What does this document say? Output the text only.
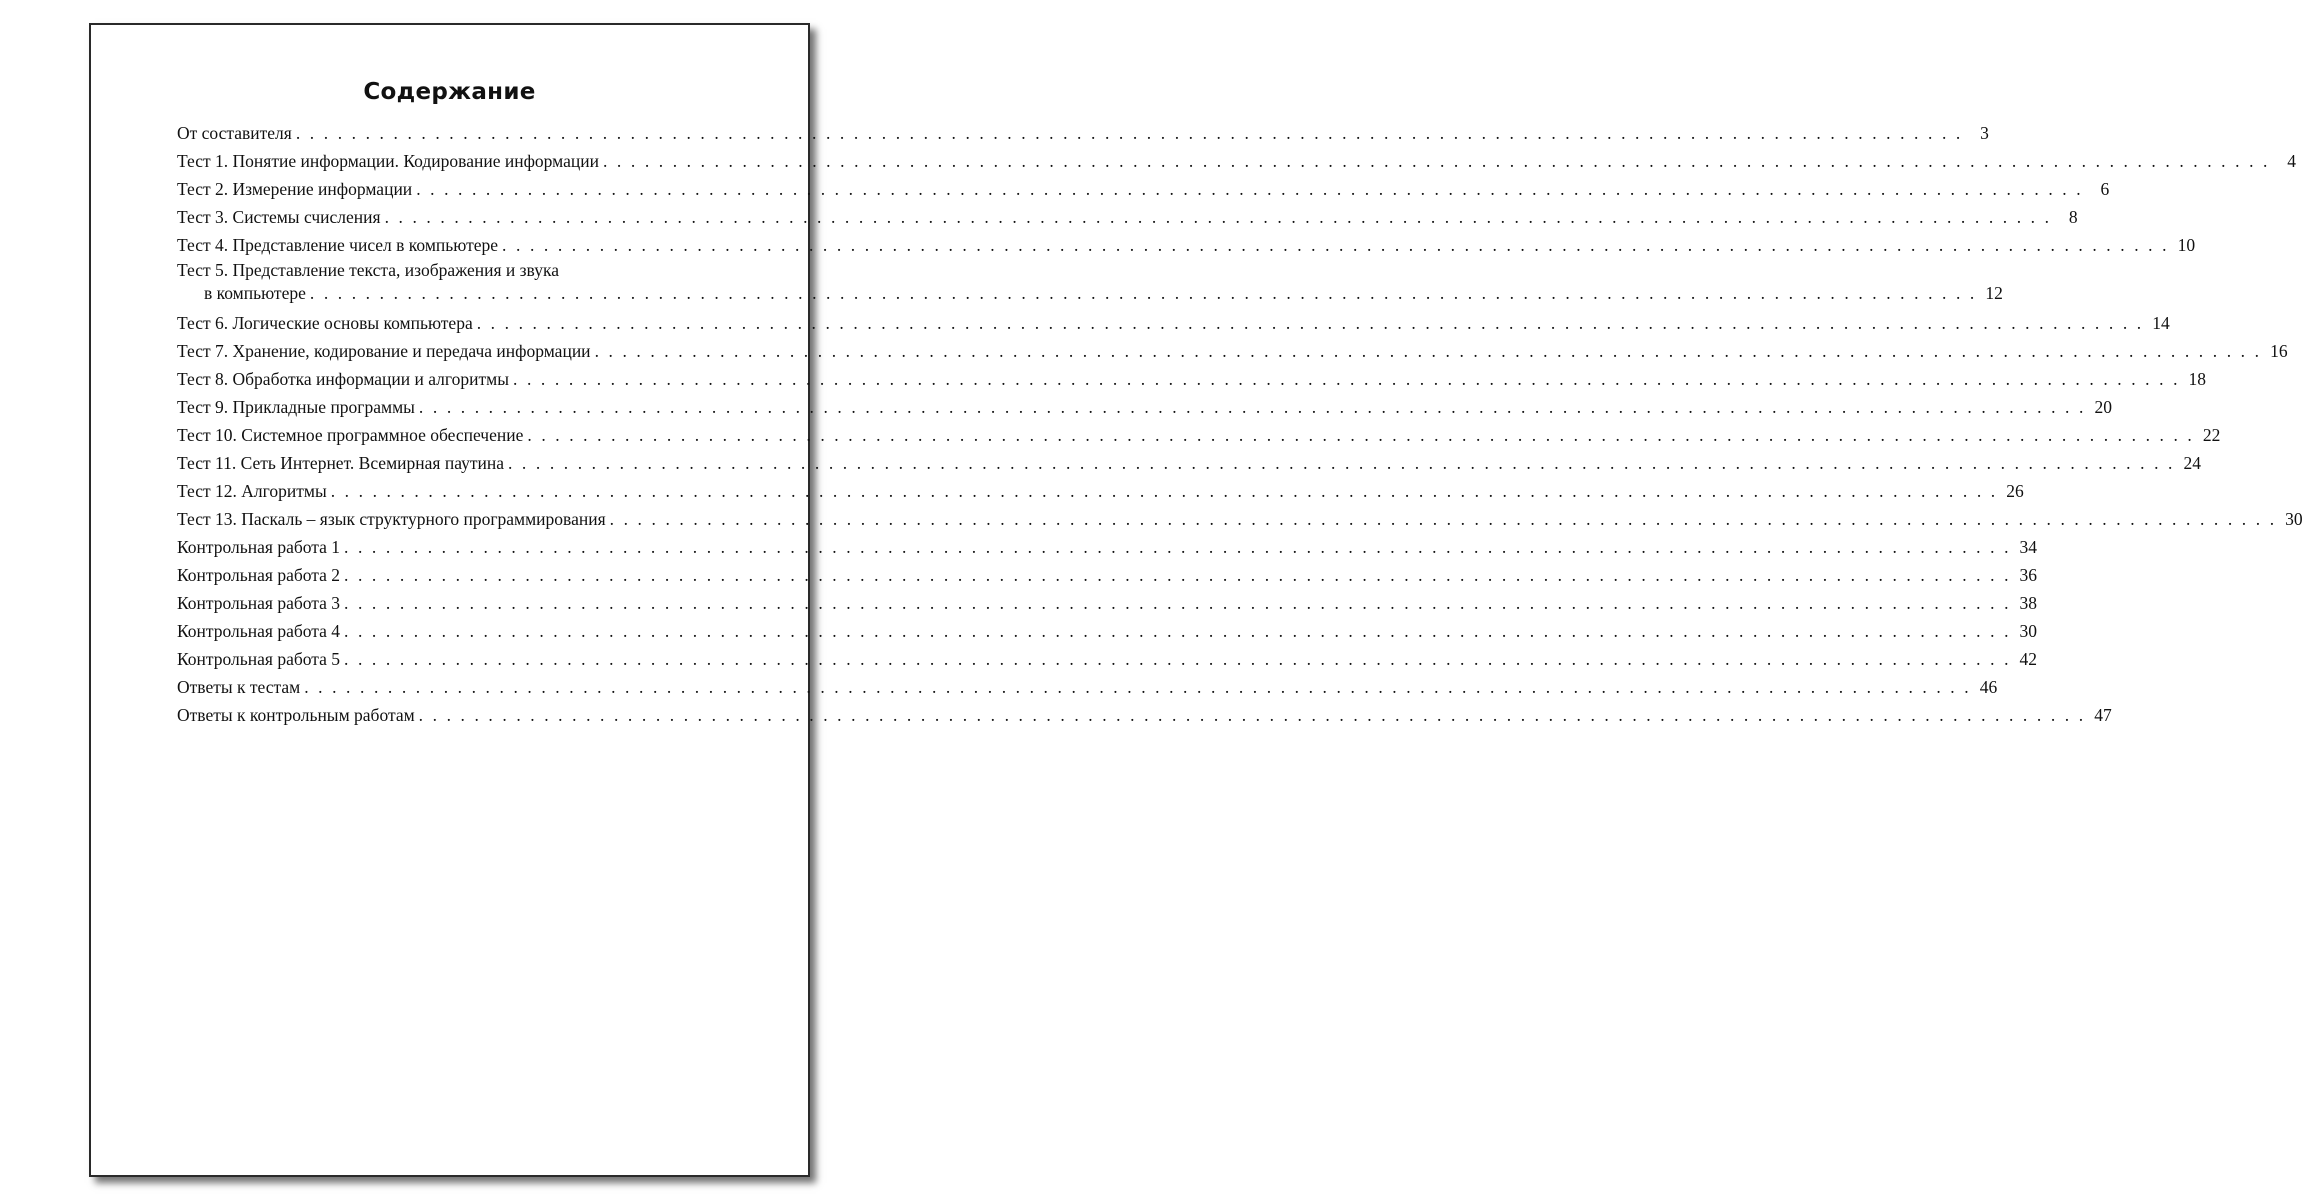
Содержание
От составителя . . . . . . . . . . . . . . . . . . . . . . . . . . . . . . . . . . . . . . . . . . . . . . . . . . . . . . . . . . . . . . . . . . . . . . . . . . . . . . . . . . . . . . . . . . . . . . . . . . . . . . . . . . . . . . . . . . . . . . . . 3
Тест 1. Понятие информации. Кодирование информации . . . . . . . . . . . . . . . . . . . . . . . . . . . . . . . . . . . . . . . . . . . . . . . . . . . . . . . . . . . . . . . . . . . . . . . . . . . . . . . . . . . . . . . . . . . . . . . . . . . . . . . . . . . . . . . . . . . . . . . . 4
Тест 2. Измерение информации . . . . . . . . . . . . . . . . . . . . . . . . . . . . . . . . . . . . . . . . . . . . . . . . . . . . . . . . . . . . . . . . . . . . . . . . . . . . . . . . . . . . . . . . . . . . . . . . . . . . . . . . . . . . . . . . . . . . . . . . 6
Тест 3. Системы счисления . . . . . . . . . . . . . . . . . . . . . . . . . . . . . . . . . . . . . . . . . . . . . . . . . . . . . . . . . . . . . . . . . . . . . . . . . . . . . . . . . . . . . . . . . . . . . . . . . . . . . . . . . . . . . . . . . . . . . . . . 8
Тест 4. Представление чисел в компьютере . . . . . . . . . . . . . . . . . . . . . . . . . . . . . . . . . . . . . . . . . . . . . . . . . . . . . . . . . . . . . . . . . . . . . . . . . . . . . . . . . . . . . . . . . . . . . . . . . . . . . . . . . . . . . . . . . . . . . . . . 10
Тест 5. Представление текста, изображения и звука
в компьютере . . . . . . . . . . . . . . . . . . . . . . . . . . . . . . . . . . . . . . . . . . . . . . . . . . . . . . . . . . . . . . . . . . . . . . . . . . . . . . . . . . . . . . . . . . . . . . . . . . . . . . . . . . . . . . . . . . . . . . . . 12
Тест 6. Логические основы компьютера . . . . . . . . . . . . . . . . . . . . . . . . . . . . . . . . . . . . . . . . . . . . . . . . . . . . . . . . . . . . . . . . . . . . . . . . . . . . . . . . . . . . . . . . . . . . . . . . . . . . . . . . . . . . . . . . . . . . . . . . 14
Тест 7. Хранение, кодирование и передача информации . . . . . . . . . . . . . . . . . . . . . . . . . . . . . . . . . . . . . . . . . . . . . . . . . . . . . . . . . . . . . . . . . . . . . . . . . . . . . . . . . . . . . . . . . . . . . . . . . . . . . . . . . . . . . . . . . . . . . . . . 16
Тест 8. Обработка информации и алгоритмы . . . . . . . . . . . . . . . . . . . . . . . . . . . . . . . . . . . . . . . . . . . . . . . . . . . . . . . . . . . . . . . . . . . . . . . . . . . . . . . . . . . . . . . . . . . . . . . . . . . . . . . . . . . . . . . . . . . . . . . . 18
Тест 9. Прикладные программы . . . . . . . . . . . . . . . . . . . . . . . . . . . . . . . . . . . . . . . . . . . . . . . . . . . . . . . . . . . . . . . . . . . . . . . . . . . . . . . . . . . . . . . . . . . . . . . . . . . . . . . . . . . . . . . . . . . . . . . . 20
Тест 10. Системное программное обеспечение . . . . . . . . . . . . . . . . . . . . . . . . . . . . . . . . . . . . . . . . . . . . . . . . . . . . . . . . . . . . . . . . . . . . . . . . . . . . . . . . . . . . . . . . . . . . . . . . . . . . . . . . . . . . . . . . . . . . . . . . 22
Тест 11. Сеть Интернет. Всемирная паутина . . . . . . . . . . . . . . . . . . . . . . . . . . . . . . . . . . . . . . . . . . . . . . . . . . . . . . . . . . . . . . . . . . . . . . . . . . . . . . . . . . . . . . . . . . . . . . . . . . . . . . . . . . . . . . . . . . . . . . . . 24
Тест 12. Алгоритмы . . . . . . . . . . . . . . . . . . . . . . . . . . . . . . . . . . . . . . . . . . . . . . . . . . . . . . . . . . . . . . . . . . . . . . . . . . . . . . . . . . . . . . . . . . . . . . . . . . . . . . . . . . . . . . . . . . . . . . . . 26
Тест 13. Паскаль – язык структурного программирования . . . . . . . . . . . . . . . . . . . . . . . . . . . . . . . . . . . . . . . . . . . . . . . . . . . . . . . . . . . . . . . . . . . . . . . . . . . . . . . . . . . . . . . . . . . . . . . . . . . . . . . . . . . . . . . . . . . . . . . . 30
Контрольная работа 1 . . . . . . . . . . . . . . . . . . . . . . . . . . . . . . . . . . . . . . . . . . . . . . . . . . . . . . . . . . . . . . . . . . . . . . . . . . . . . . . . . . . . . . . . . . . . . . . . . . . . . . . . . . . . . . . . . . . . . . . . 34
Контрольная работа 2 . . . . . . . . . . . . . . . . . . . . . . . . . . . . . . . . . . . . . . . . . . . . . . . . . . . . . . . . . . . . . . . . . . . . . . . . . . . . . . . . . . . . . . . . . . . . . . . . . . . . . . . . . . . . . . . . . . . . . . . . 36
Контрольная работа 3 . . . . . . . . . . . . . . . . . . . . . . . . . . . . . . . . . . . . . . . . . . . . . . . . . . . . . . . . . . . . . . . . . . . . . . . . . . . . . . . . . . . . . . . . . . . . . . . . . . . . . . . . . . . . . . . . . . . . . . . . 38
Контрольная работа 4 . . . . . . . . . . . . . . . . . . . . . . . . . . . . . . . . . . . . . . . . . . . . . . . . . . . . . . . . . . . . . . . . . . . . . . . . . . . . . . . . . . . . . . . . . . . . . . . . . . . . . . . . . . . . . . . . . . . . . . . . 30
Контрольная работа 5 . . . . . . . . . . . . . . . . . . . . . . . . . . . . . . . . . . . . . . . . . . . . . . . . . . . . . . . . . . . . . . . . . . . . . . . . . . . . . . . . . . . . . . . . . . . . . . . . . . . . . . . . . . . . . . . . . . . . . . . . 42
Ответы к тестам . . . . . . . . . . . . . . . . . . . . . . . . . . . . . . . . . . . . . . . . . . . . . . . . . . . . . . . . . . . . . . . . . . . . . . . . . . . . . . . . . . . . . . . . . . . . . . . . . . . . . . . . . . . . . . . . . . . . . . . . 46
Ответы к контрольным работам . . . . . . . . . . . . . . . . . . . . . . . . . . . . . . . . . . . . . . . . . . . . . . . . . . . . . . . . . . . . . . . . . . . . . . . . . . . . . . . . . . . . . . . . . . . . . . . . . . . . . . . . . . . . . . . . . . . . . . . . 47
